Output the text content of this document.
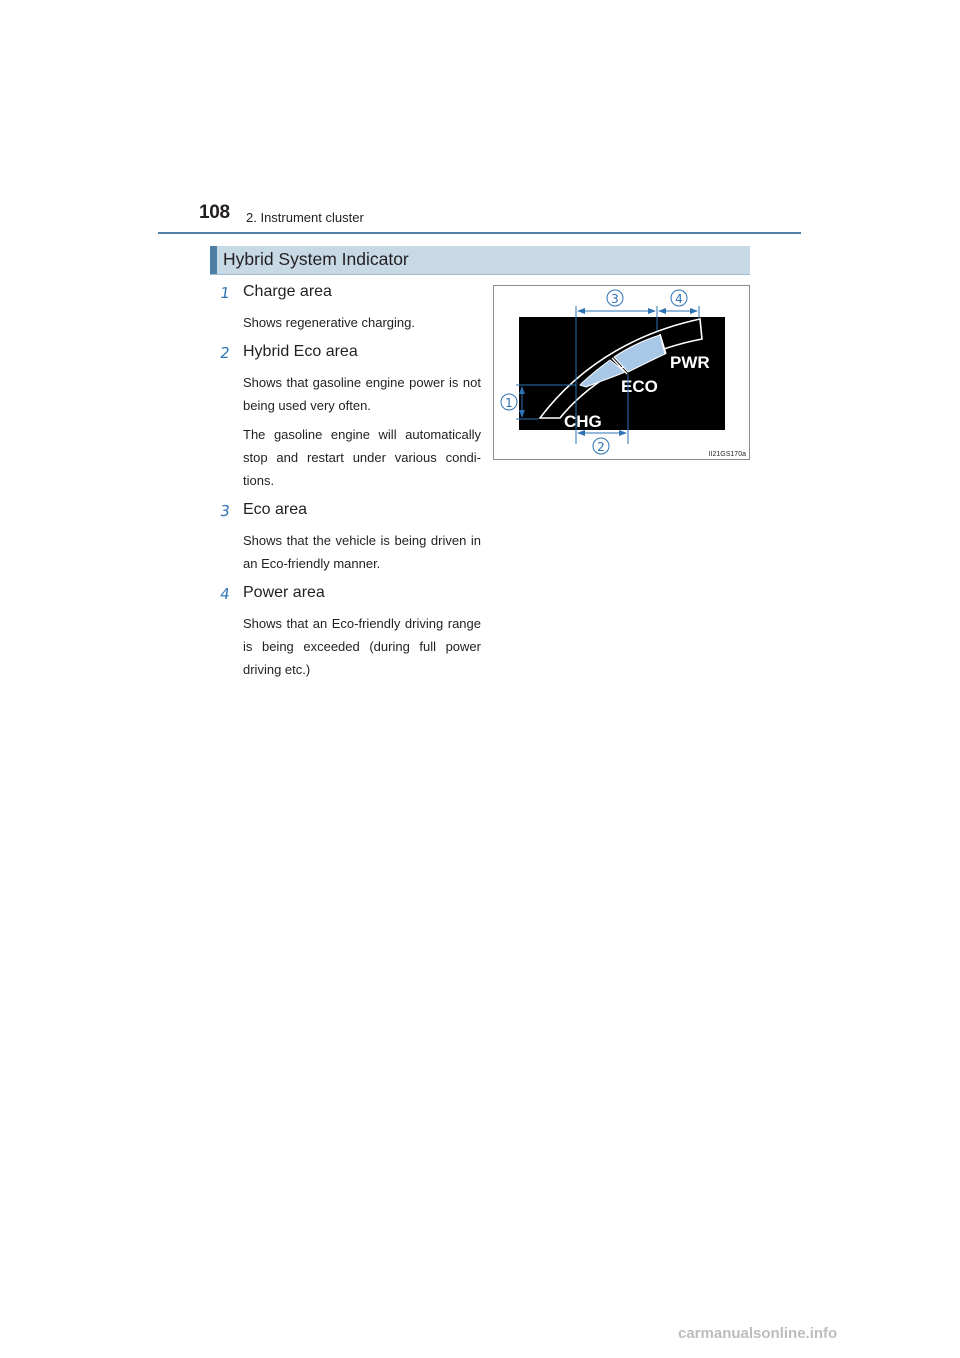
108 2. Instrument cluster
Hybrid System Indicator
1 Charge area

Shows regenerative charging.

2 Hybrid Eco area

Shows that gasoline engine power is not being used very often.

The gasoline engine will automatically stop and restart under various condi-tions.

3 Eco area

Shows that the vehicle is being driven in an Eco-friendly manner.

4 Power area

Shows that an Eco-friendly driving range is being exceeded (during full power driving etc.)

PWR
ECO
CHG
1
2
3	4
II21GS170a
carmanualsonline.info
